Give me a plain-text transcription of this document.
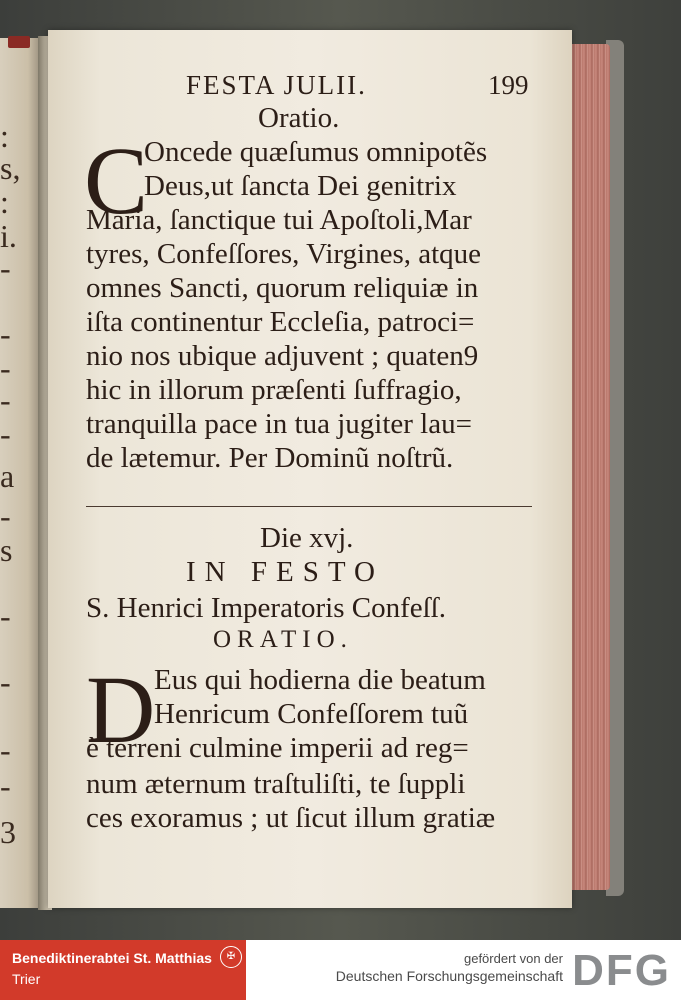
:
s,
:
i.
-
-
-
-
-
a
-
s
-
-
-
-
3
FESTA JULII.	199
Oratio.
C
Oncede quæſumus omnipotẽs
Deus,ut ſancta Dei genitrix
Maria, ſanctique tui Apoſtoli,Mar
tyres, Confeſſores, Virgines, atque
omnes Sancti, quorum reliquiæ in
iſta continentur Eccleſia, patroci=
nio nos ubique adjuvent ; quaten9
hic in illorum præſenti ſuffragio,
tranquilla pace in tua jugiter lau=
de lætemur. Per Dominũ noſtrũ.
Die xvj.
IN FESTO
S. Henrici Imperatoris Confeſſ.
ORATIO.
D
Eus qui hodierna die beatum
Henricum Confeſſorem tuũ
è terreni culmine imperii ad reg=
num æternum traſtuliſti, te ſuppli
ces exoramus ; ut ſicut illum gratiæ
Benediktinerabtei St. Matthias
Trier
✠	gefördert von der
Deutschen Forschungsgemeinschaft DFG
